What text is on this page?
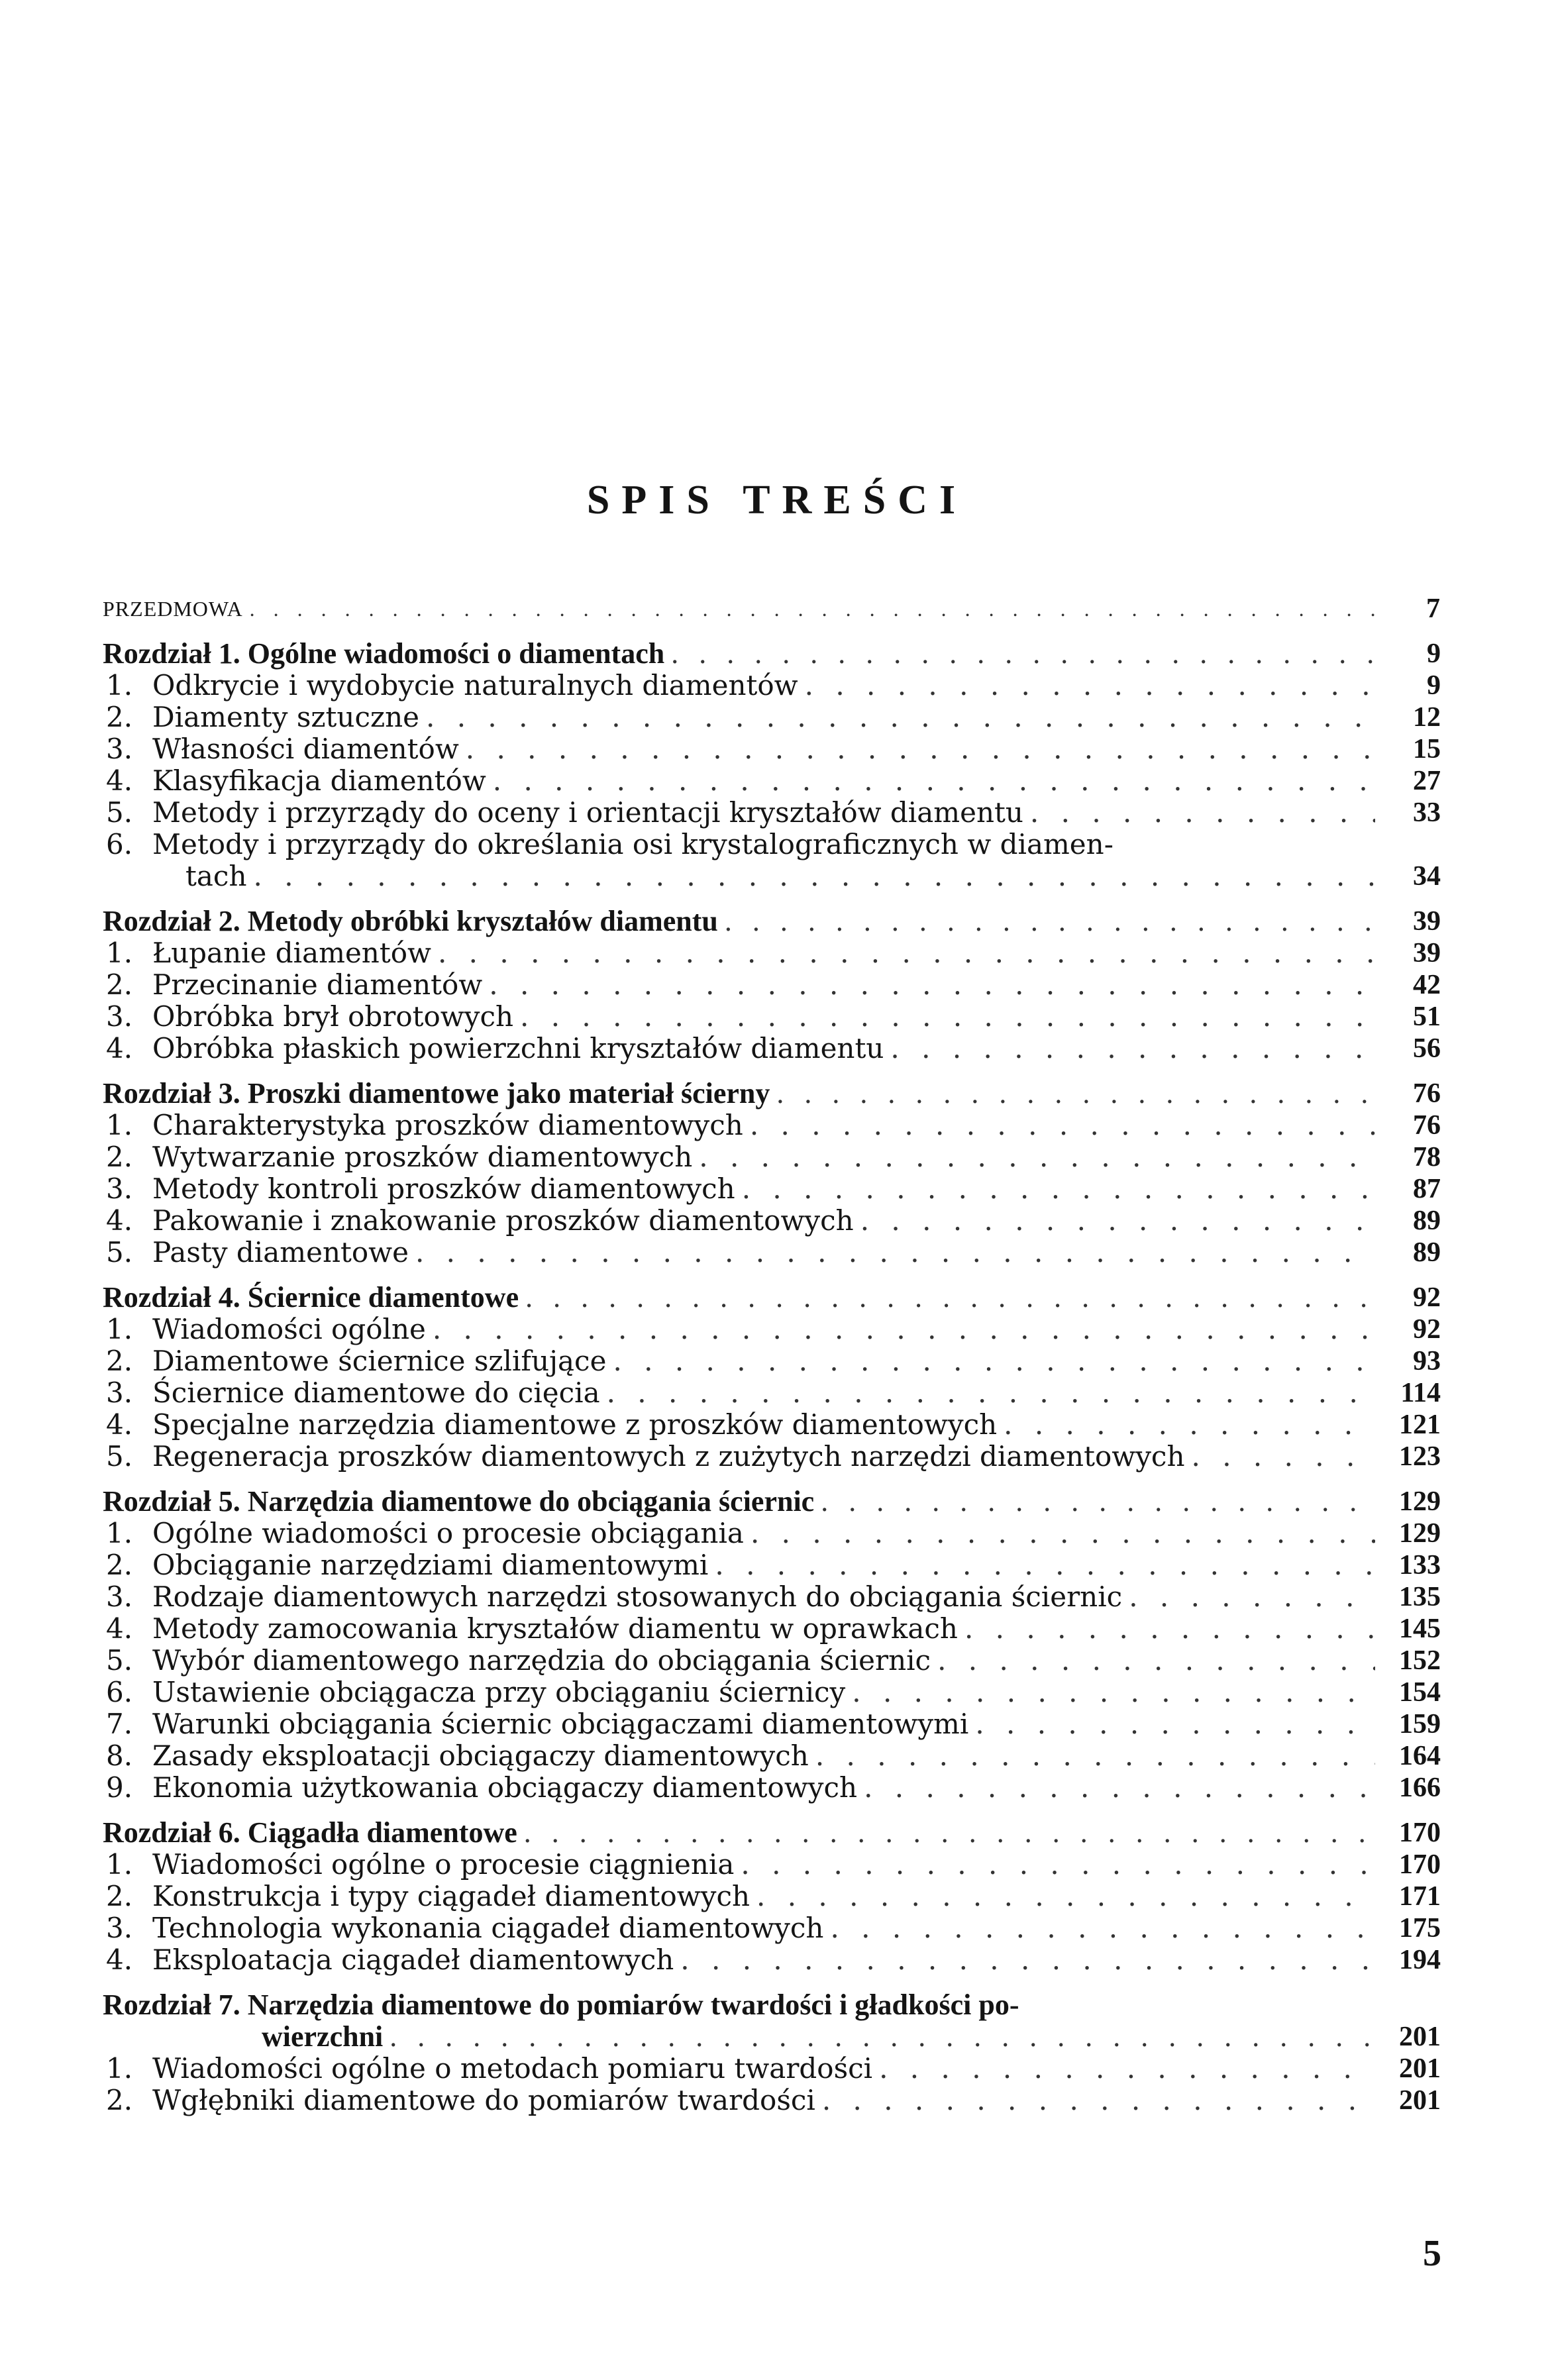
SPIS TREŚCI
PRZEDMOWA . . .	7
Rozdział 1. Ogólne wiadomości o diamentach . . .	9
1. Odkrycie i wydobycie naturalnych diamentów . . .	9
2. Diamenty sztuczne . . .	12
3. Własności diamentów . . .	15
4. Klasyfikacja diamentów . . .	27
5. Metody i przyrządy do oceny i orientacji kryształów diamentu . . .	33
6. Metody i przyrządy do określania osi krystalograficznych w diamen-
tach . . .	34
Rozdział 2. Metody obróbki kryształów diamentu . . .	39
1. Łupanie diamentów . . .	39
2. Przecinanie diamentów . . .	42
3. Obróbka brył obrotowych . . .	51
4. Obróbka płaskich powierzchni kryształów diamentu . . .	56
Rozdział 3. Proszki diamentowe jako materiał ścierny . . .	76
1. Charakterystyka proszków diamentowych . . .	76
2. Wytwarzanie proszków diamentowych . . .	78
3. Metody kontroli proszków diamentowych . . .	87
4. Pakowanie i znakowanie proszków diamentowych . . .	89
5. Pasty diamentowe . . .	89
Rozdział 4. Ściernice diamentowe . . .	92
1. Wiadomości ogólne . . .	92
2. Diamentowe ściernice szlifujące . . .	93
3. Ściernice diamentowe do cięcia . . .	114
4. Specjalne narzędzia diamentowe z proszków diamentowych . . .	121
5. Regeneracja proszków diamentowych z zużytych narzędzi diamentowych . . .	123
Rozdział 5. Narzędzia diamentowe do obciągania ściernic . . .	129
1. Ogólne wiadomości o procesie obciągania . . .	129
2. Obciąganie narzędziami diamentowymi . . .	133
3. Rodzaje diamentowych narzędzi stosowanych do obciągania ściernic . . .	135
4. Metody zamocowania kryształów diamentu w oprawkach . . .	145
5. Wybór diamentowego narzędzia do obciągania ściernic . . .	152
6. Ustawienie obciągacza przy obciąganiu ściernicy . . .	154
7. Warunki obciągania ściernic obciągaczami diamentowymi . . .	159
8. Zasady eksploatacji obciągaczy diamentowych . . .	164
9. Ekonomia użytkowania obciągaczy diamentowych . . .	166
Rozdział 6. Ciągadła diamentowe . . .	170
1. Wiadomości ogólne o procesie ciągnienia . . .	170
2. Konstrukcja i typy ciągadeł diamentowych . . .	171
3. Technologia wykonania ciągadeł diamentowych . . .	175
4. Eksploatacja ciągadeł diamentowych . . .	194
Rozdział 7. Narzędzia diamentowe do pomiarów twardości i gładkości po-
wierzchni . . .	201
1. Wiadomości ogólne o metodach pomiaru twardości . . .	201
2. Wgłębniki diamentowe do pomiarów twardości . . .	201
5
